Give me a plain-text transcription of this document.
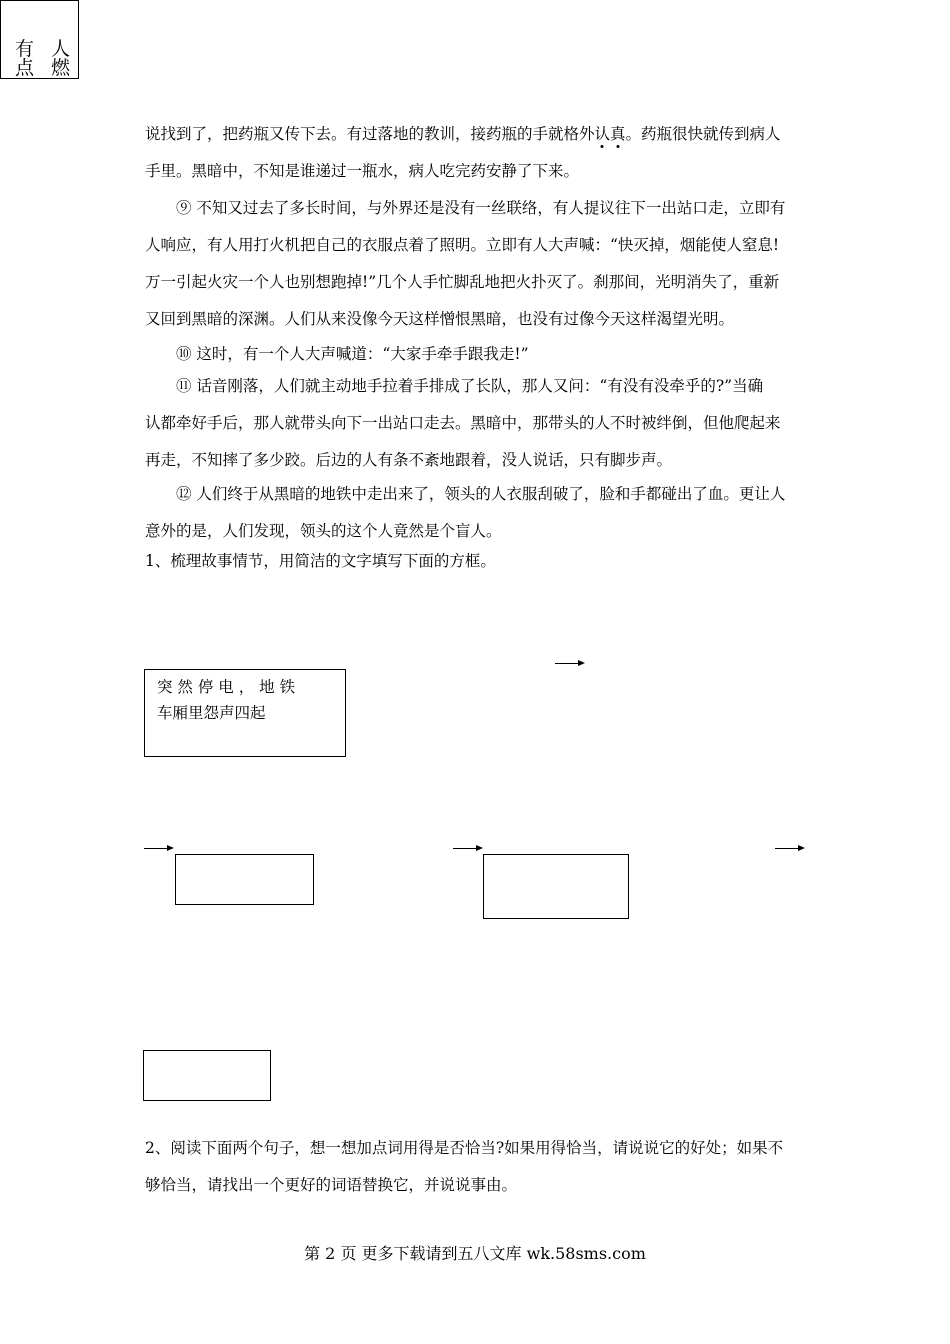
有 人
点 燃
说找到了，把药瓶又传下去。有过落地的教训，接药瓶的手就格外认真。药瓶很快就传到病人
手里。黑暗中，不知是谁递过一瓶水，病人吃完药安静了下来。
⑨ 不知又过去了多长时间，与外界还是没有一丝联络，有人提议往下一出站口走，立即有
人响应，有人用打火机把自己的衣服点着了照明。立即有人大声喊：“快灭掉，烟能使人窒息!
万一引起火灾一个人也别想跑掉!”几个人手忙脚乱地把火扑灭了。刹那间，光明消失了，重新
又回到黑暗的深渊。人们从来没像今天这样憎恨黑暗，也没有过像今天这样渴望光明。
⑩ 这时，有一个人大声喊道：“大家手牵手跟我走!”
⑪ 话音刚落，人们就主动地手拉着手排成了长队，那人又问：“有没有没牵乎的?”当确
认都牵好手后，那人就带头向下一出站口走去。黑暗中，那带头的人不时被绊倒，但他爬起来
再走，不知摔了多少跤。后边的人有条不紊地跟着，没人说话，只有脚步声。
⑫ 人们终于从黑暗的地铁中走出来了，领头的人衣服刮破了，脸和手都碰出了血。更让人
意外的是，人们发现，领头的这个人竟然是个盲人。
1、梳理故事情节，用简洁的文字填写下面的方框。
突 然 停 电 ， 地 铁
车厢里怨声四起
2、阅读下面两个句子，想一想加点词用得是否恰当?如果用得恰当，请说说它的好处；如果不
够恰当，请找出一个更好的词语替换它，并说说事由。
第 2 页 更多下载请到五八文库 wk.58sms.com
